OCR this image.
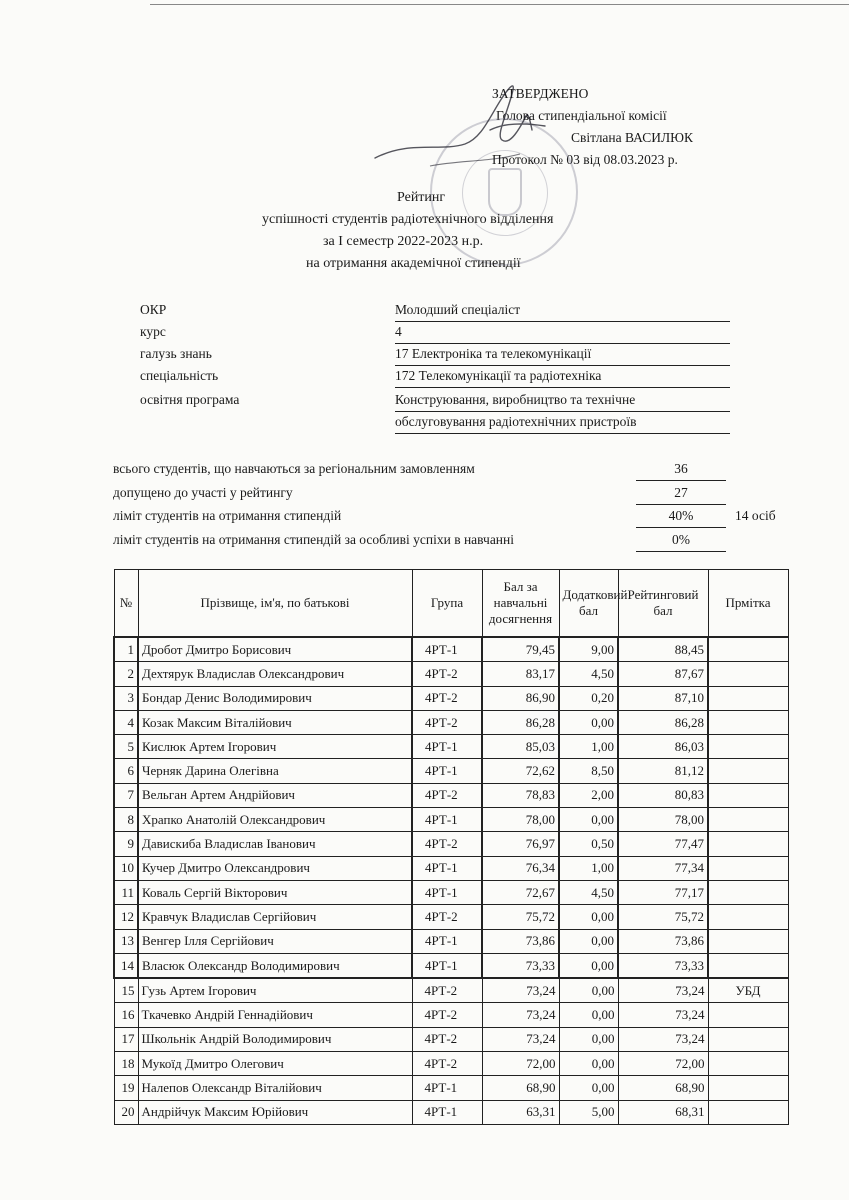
ЗАТВЕРДЖЕНО
Голова стипендіальної комісії
Світлана ВАСИЛЮК
Протокол № 03 від 08.03.2023 р.
Рейтинг
успішності студентів радіотехнічного відділення
за І семестр 2022-2023 н.р.
на отримання академічної стипендії
ОКР	Молодший спеціаліст
курс	4
галузь знань	17 Електроніка та телекомунікації
спеціальність	172 Телекомунікації та радіотехніка
освітня програма	Конструювання, виробництво та технічне
обслуговування радіотехнічних пристроїв
всього студентів, що навчаються за регіональним замовленням	36
допущено до участі у рейтингу	27
ліміт студентів на отримання стипендій	40%	14 осіб
ліміт студентів на отримання стипендій за особливі успіхи в навчанні	0%
№	Прізвище, ім'я, по батькові	Група	Бал за навчальні досягнення	Додатковий бал	Рейтинговий бал	Прмітка
1	Дробот Дмитро Борисович	4РТ-1	79,45	9,00	88,45	
2	Дехтярук Владислав Олександрович	4РТ-2	83,17	4,50	87,67	
3	Бондар Денис Володимирович	4РТ-2	86,90	0,20	87,10	
4	Козак Максим Віталійович	4РТ-2	86,28	0,00	86,28	
5	Кислюк Артем Ігорович	4РТ-1	85,03	1,00	86,03	
6	Черняк Дарина Олегівна	4РТ-1	72,62	8,50	81,12	
7	Вельган Артем Андрійович	4РТ-2	78,83	2,00	80,83	
8	Храпко Анатолій Олександрович	4РТ-1	78,00	0,00	78,00	
9	Давискиба Владислав Іванович	4РТ-2	76,97	0,50	77,47	
10	Кучер Дмитро Олександрович	4РТ-1	76,34	1,00	77,34	
11	Коваль Сергій Вікторович	4РТ-1	72,67	4,50	77,17	
12	Кравчук Владислав Сергійович	4РТ-2	75,72	0,00	75,72	
13	Венгер Ілля Сергійович	4РТ-1	73,86	0,00	73,86	
14	Власюк Олександр Володимирович	4РТ-1	73,33	0,00	73,33	
15	Гузь Артем Ігорович	4РТ-2	73,24	0,00	73,24	УБД
16	Ткачевко Андрій Геннадійович	4РТ-2	73,24	0,00	73,24	
17	Школьнік Андрій Володимирович	4РТ-2	73,24	0,00	73,24	
18	Мукоїд Дмитро Олегович	4РТ-2	72,00	0,00	72,00	
19	Налепов Олександр Віталійович	4РТ-1	68,90	0,00	68,90	
20	Андрійчук Максим Юрійович	4РТ-1	63,31	5,00	68,31	
